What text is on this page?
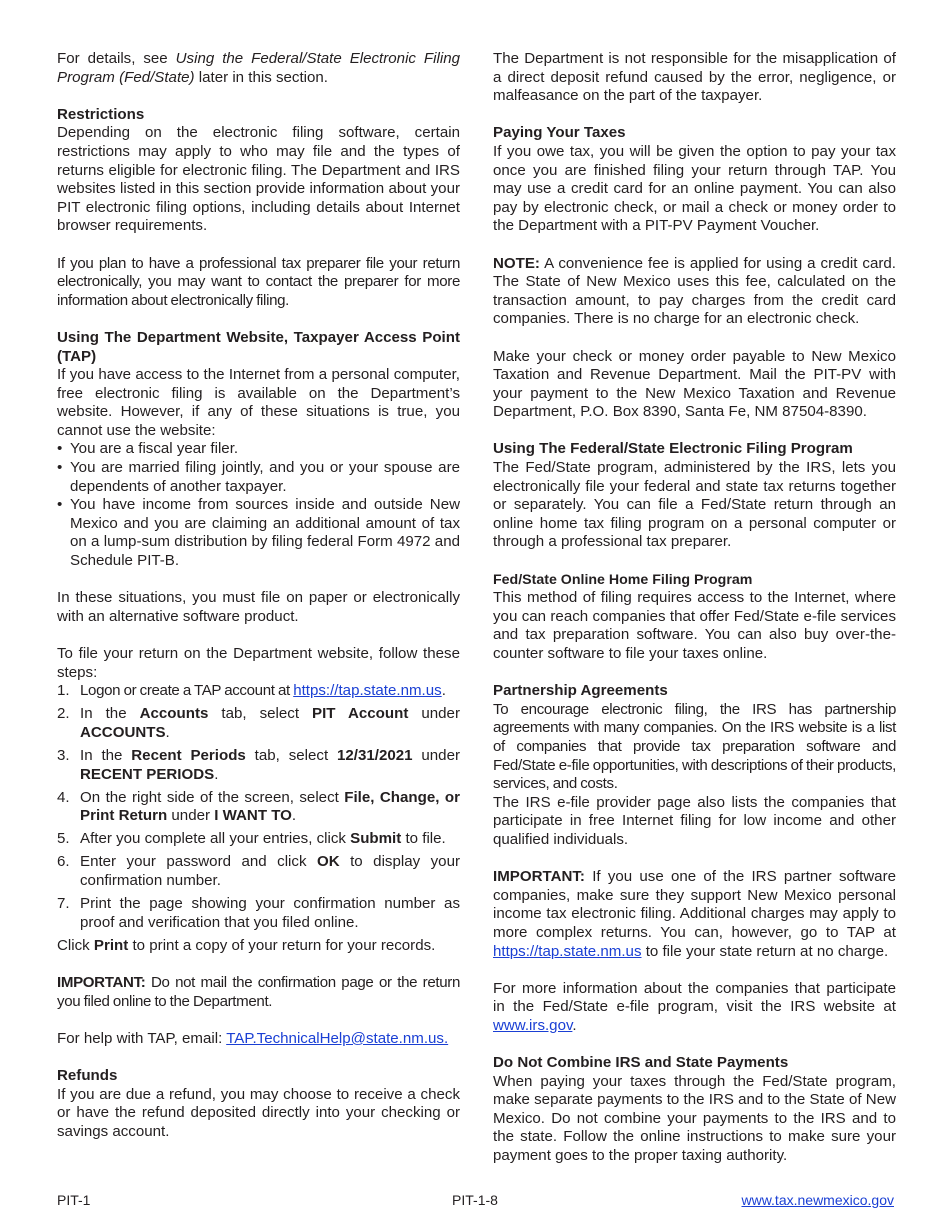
For details, see Using the Federal/State Electronic Filing Program (Fed/State) later in this section.

Restrictions

Depending on the electronic filing software, certain restrictions may apply to who may file and the types of returns eligible for electronic filing. The Department and IRS websites listed in this section provide information about your PIT electronic filing options, including details about Internet browser requirements.

If you plan to have a professional tax preparer file your return electronically, you may want to contact the preparer for more information about electronically filing.

Using The Department Website, Taxpayer Access Point (TAP)

If you have access to the Internet from a personal computer, free electronic filing is available on the Department’s website. However, if any of these situations is true, you cannot use the website:

• You are a fiscal year filer.
• You are married filing jointly, and you or your spouse are dependents of another taxpayer.
• You have income from sources inside and outside New Mexico and you are claiming an additional amount of tax on a lump-sum distribution by filing federal Form 4972 and Schedule PIT-B.

In these situations, you must file on paper or electronically with an alternative software product.

To file your return on the Department website, follow these steps:

1. Logon or create a TAP account at https://tap.state.nm.us.
2. In the Accounts tab, select PIT Account under ACCOUNTS.
3. In the Recent Periods tab, select 12/31/2021 under RECENT PERIODS.
4. On the right side of the screen, select File, Change, or Print Return under I WANT TO.
5. After you complete all your entries, click Submit to file.
6. Enter your password and click OK to display your confirmation number.
7. Print the page showing your confirmation number as proof and verification that you filed online.

Click Print to print a copy of your return for your records.

IMPORTANT: Do not mail the confirmation page or the return you filed online to the Department.

For help with TAP, email: TAP.TechnicalHelp@state.nm.us.

Refunds

If you are due a refund, you may choose to receive a check or have the refund deposited directly into your checking or savings account.

The Department is not responsible for the misapplication of a direct deposit refund caused by the error, negligence, or malfeasance on the part of the taxpayer.

Paying Your Taxes

If you owe tax, you will be given the option to pay your tax once you are finished filing your return through TAP. You may use a credit card for an online payment. You can also pay by electronic check, or mail a check or money order to the Department with a PIT-PV Payment Voucher.

NOTE: A convenience fee is applied for using a credit card. The State of New Mexico uses this fee, calculated on the transaction amount, to pay charges from the credit card companies. There is no charge for an electronic check.

Make your check or money order payable to New Mexico Taxation and Revenue Department. Mail the PIT-PV with your payment to the New Mexico Taxation and Revenue Department, P.O. Box 8390, Santa Fe, NM 87504-8390.

Using The Federal/State Electronic Filing Program

The Fed/State program, administered by the IRS, lets you electronically file your federal and state tax returns together or separately. You can file a Fed/State return through an online home tax filing program on a personal computer or through a professional tax preparer.

Fed/State Online Home Filing Program

This method of filing requires access to the Internet, where you can reach companies that offer Fed/State e-file services and tax preparation software. You can also buy over-the-counter software to file your taxes online.

Partnership Agreements

To encourage electronic filing, the IRS has partnership agreements with many companies. On the IRS website is a list of companies that provide tax preparation software and Fed/State e-file opportunities, with descriptions of their products, services, and costs.

The IRS e-file provider page also lists the companies that participate in free Internet filing for low income and other qualified individuals.

IMPORTANT: If you use one of the IRS partner software companies, make sure they support New Mexico personal income tax electronic filing. Additional charges may apply to more complex returns. You can, however, go to TAP at https://tap.state.nm.us to file your state return at no charge.

For more information about the companies that participate in the Fed/State e-file program, visit the IRS website at www.irs.gov.

Do Not Combine IRS and State Payments

When paying your taxes through the Fed/State program, make separate payments to the IRS and to the State of New Mexico. Do not combine your payments to the IRS and to the state. Follow the online instructions to make sure your payment goes to the proper taxing authority.

PIT-1	PIT-1-8	www.tax.newmexico.gov
